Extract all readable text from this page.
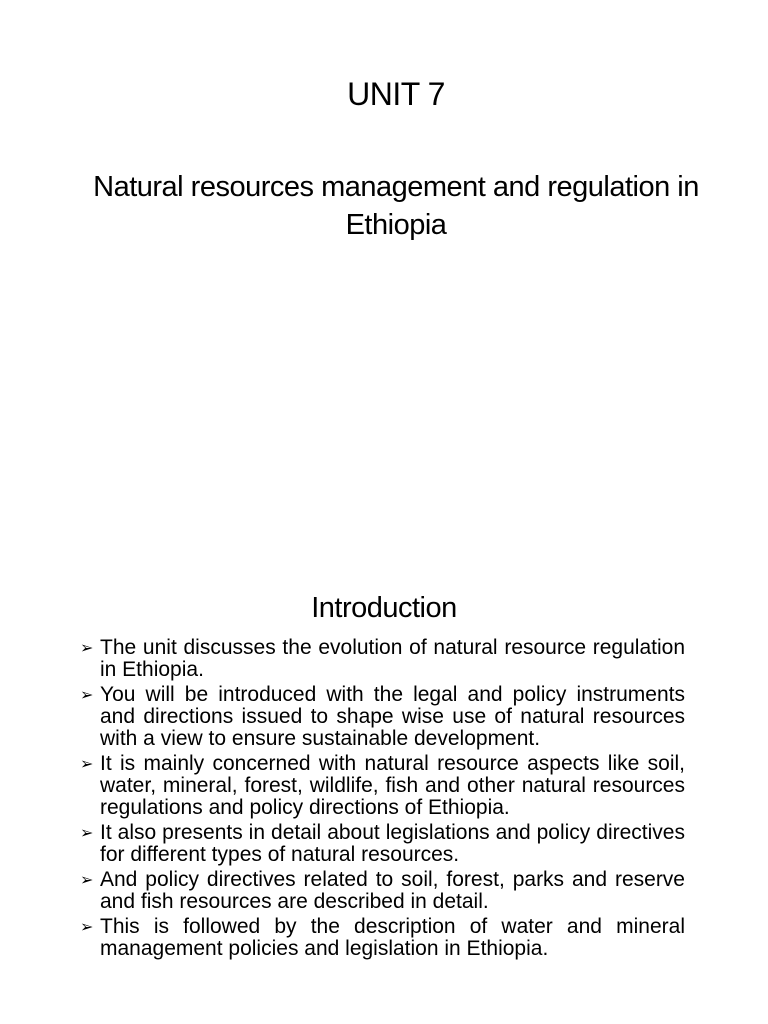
UNIT 7
Natural resources management and regulation in Ethiopia
Introduction
➢ The unit discusses the evolution of natural resource regulation in Ethiopia.
➢ You will be introduced with the legal and policy instruments and directions issued to shape wise use of natural resources with a view to ensure sustainable development.
➢ It is mainly concerned with natural resource aspects like soil, water, mineral, forest, wildlife, fish and other natural resources regulations and policy directions of Ethiopia.
➢ It also presents in detail about legislations and policy directives for different types of natural resources.
➢ And policy directives related to soil, forest, parks and reserve and fish resources are described in detail.
➢ This is followed by the description of water and mineral management policies and legislation in Ethiopia.
